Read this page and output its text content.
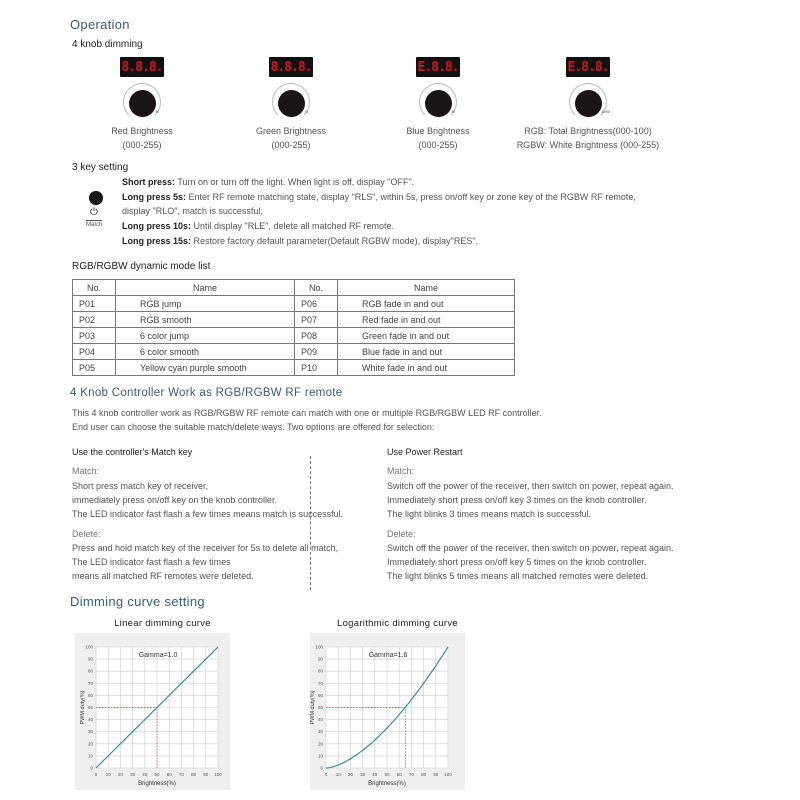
Operation
4 knob dimming
8.8.8.
R
Red Brightness
(000-255)
8.8.8.
G
Green Brightness
(000-255)
E.8.8.
B
Blue Brightness
(000-255)
E.8.8.
D/W
RGB: Total Brightness(000-100)
RGBW: White Brightness (000-255)
3 key setting
⏻
Match
Short press: Turn on or turn off the light. When light is off, display "OFF".
Long press 5s: Enter RF remote matching state, display "RLS", within 5s, press on/off key or zone key of the RGBW RF remote,
display "RLO", match is successful,
Long press 10s: Until display "RLE", delete all matched RF remote.
Long press 15s: Restore factory default parameter(Default RGBW mode), display"RES".
RGB/RGBW dynamic mode list
No.	Name	No.	Name
P01	RGB jump	P06	RGB fade in and out
P02	RGB smooth	P07	Red fade in and out
P03	6 color jump	P08	Green fade in and out
P04	6 color smooth	P09	Blue fade in and out
P05	Yellow cyan purple smooth	P10	White fade in and out
4 Knob Controller Work as RGB/RGBW RF remote
This 4 knob controller work as RGB/RGBW RF remote can match with one or multiple RGB/RGBW LED RF controller.
End user can choose the suitable match/delete ways. Two options are offered for selection:
Use the controller's Match key
Match:
Delete:
Short press match key of receiver,
Press and hold match key of the receiver for 5s to delete all match,
immediately press on/off key on the knob controller.
The LED indicator fast flash a few times
The LED indicator fast flash a few times means match is successful.
means all matched RF remotes were deleted.
Use Power Restart
Match:
Delete:
Switch off the power of the receiver, then switch on power, repeat again.
Switch off the power of the receiver, then switch on power, repeat again.
Immediately short press on/off key 3 times on the knob controller.
Immediately short press on/off key 5 times on the knob controller.
The light blinks 3 times means match is successful.
The light blinks 5 times means all matched remotes were deleted.
Dimming curve setting
Linear dimming curve
0
0
10
10
20
20
30
30
40
40
50
50
60
60
70
70
80
80
90
90
100
100
Gamma=1.0
Brightness(%)
PWM duty(%)
Logarithmic dimming curve
0
0
10
10
20
20
30
30
40
40
50
50
60
60
70
70
80
80
90
90
100
100
Gamma=1.6
Brightness(%)
PWM duty(%)
